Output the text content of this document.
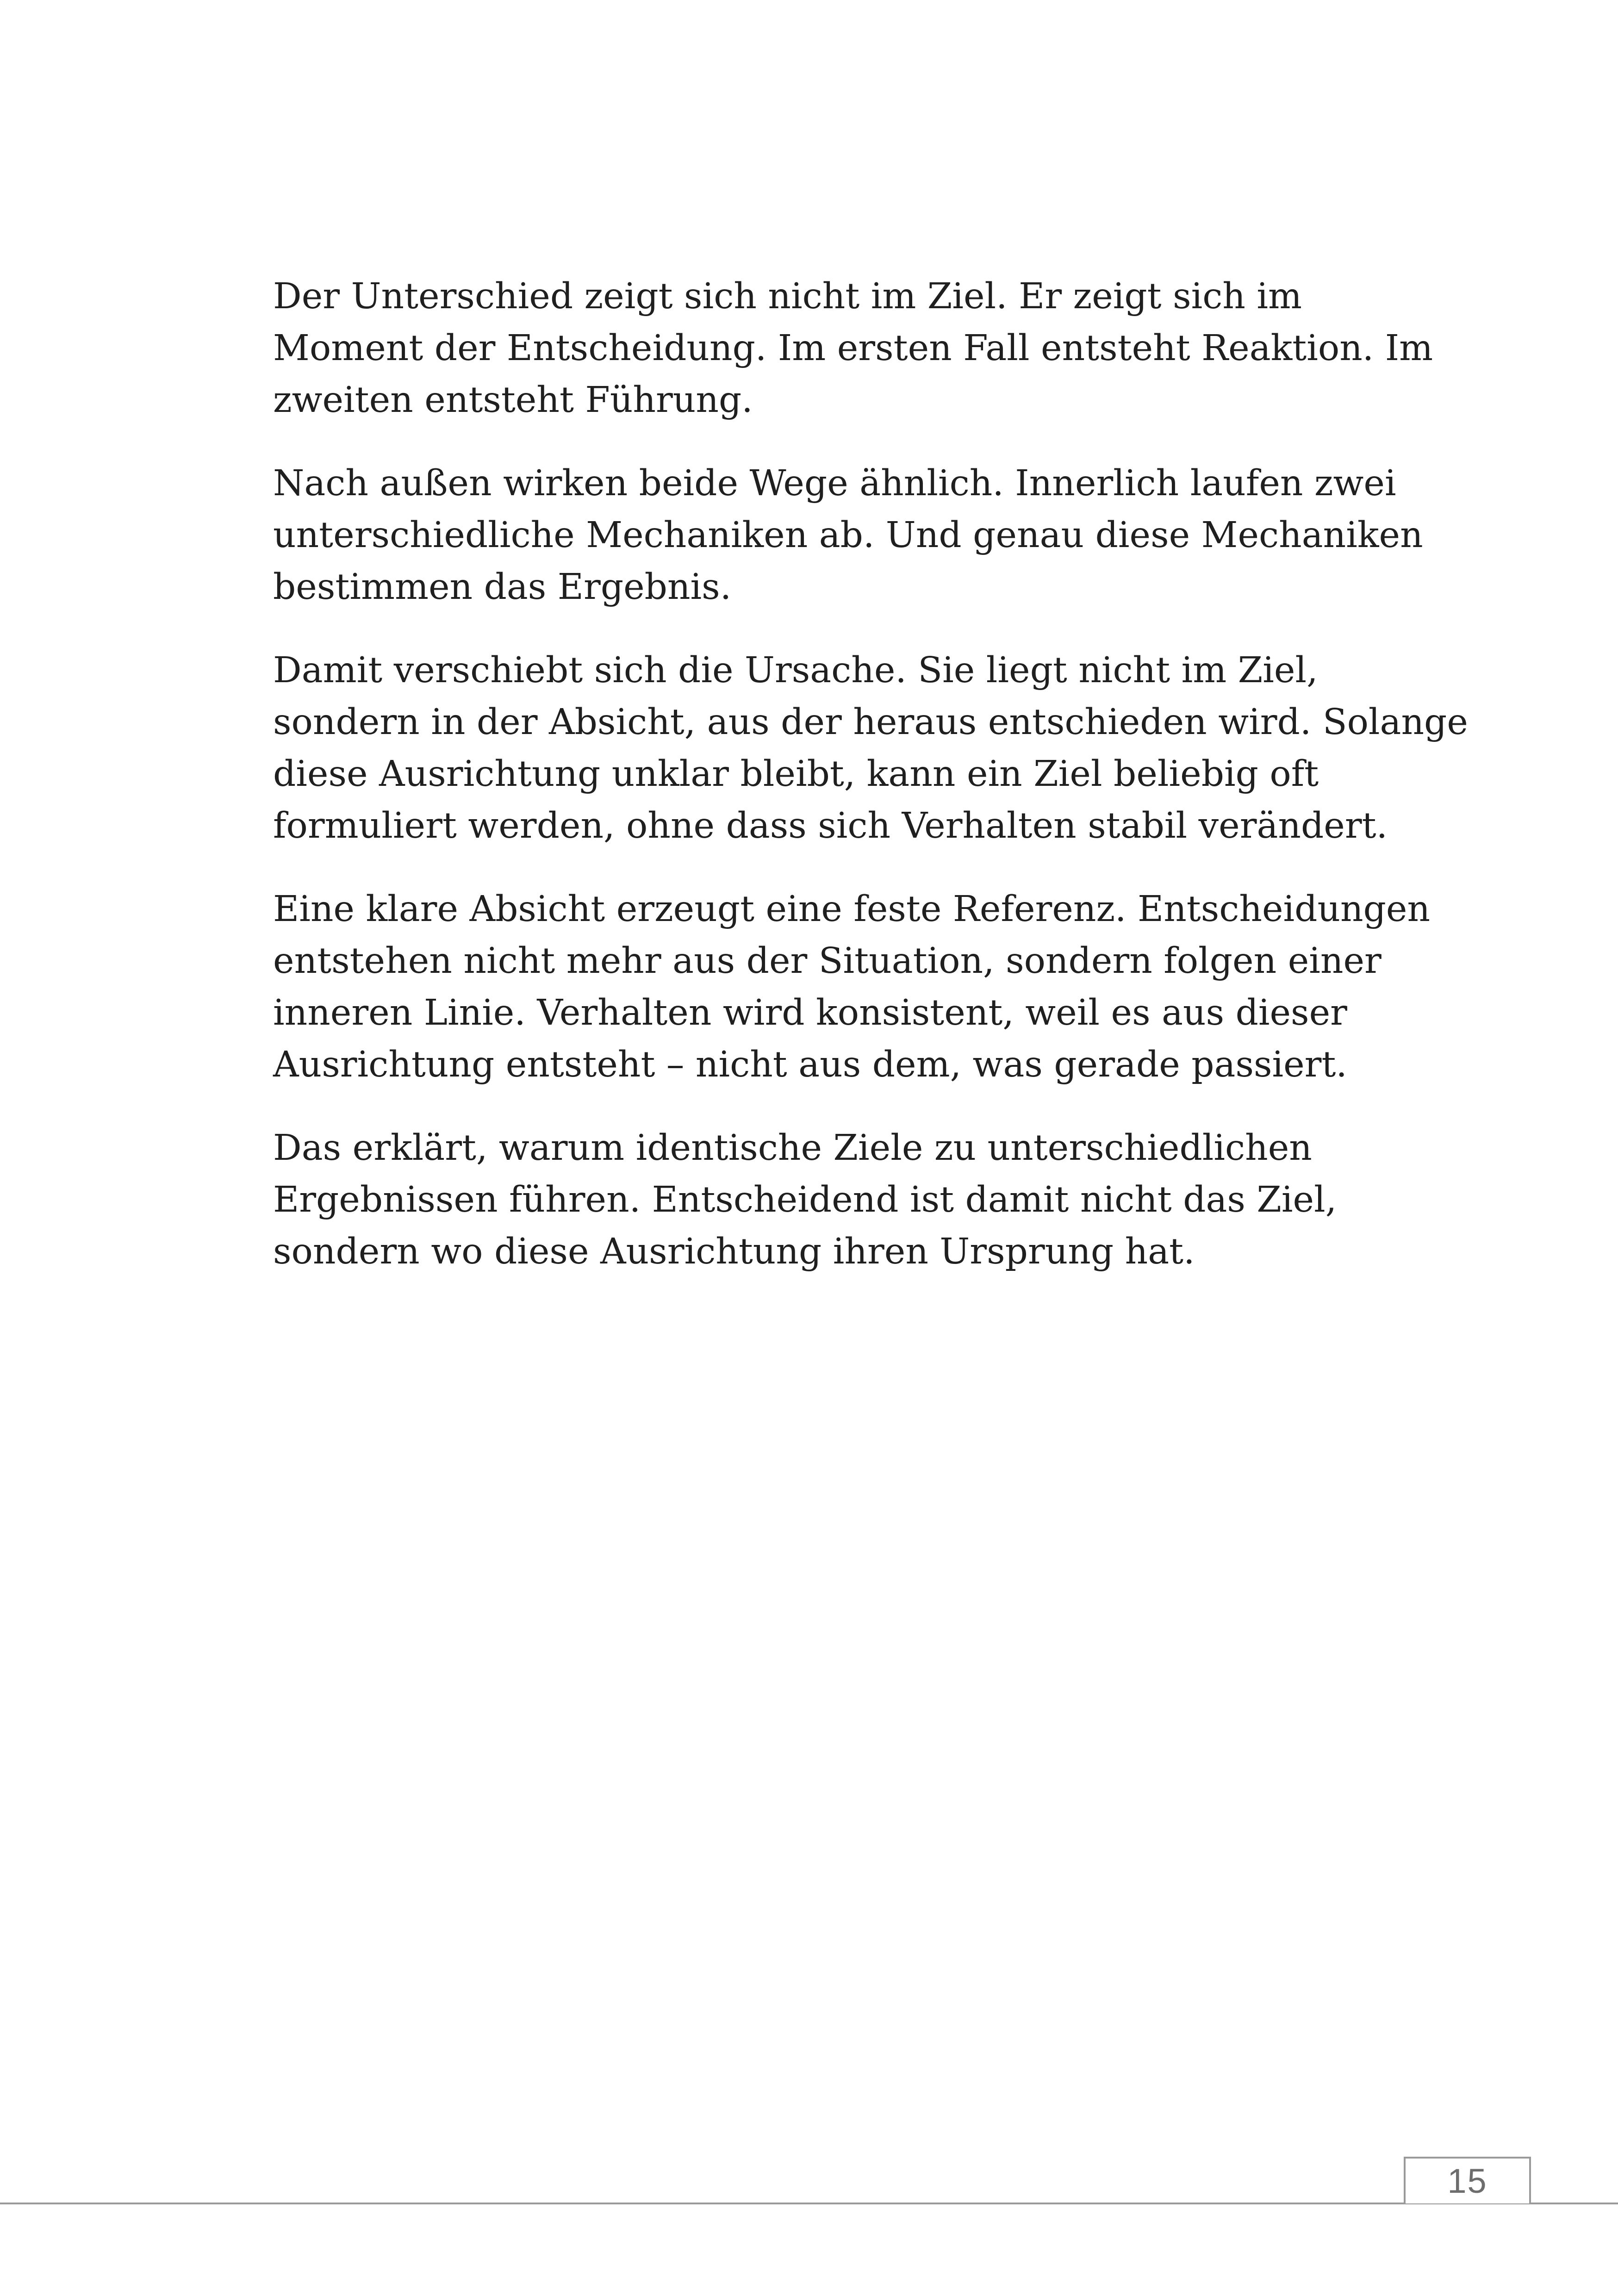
Der Unterschied zeigt sich nicht im Ziel. Er zeigt sich im
Moment der Entscheidung. Im ersten Fall entsteht Reaktion. Im
zweiten entsteht Führung.

Nach außen wirken beide Wege ähnlich. Innerlich laufen zwei
unterschiedliche Mechaniken ab. Und genau diese Mechaniken
bestimmen das Ergebnis.

Damit verschiebt sich die Ursache. Sie liegt nicht im Ziel,
sondern in der Absicht, aus der heraus entschieden wird. Solange
diese Ausrichtung unklar bleibt, kann ein Ziel beliebig oft
formuliert werden, ohne dass sich Verhalten stabil verändert.

Eine klare Absicht erzeugt eine feste Referenz. Entscheidungen
entstehen nicht mehr aus der Situation, sondern folgen einer
inneren Linie. Verhalten wird konsistent, weil es aus dieser
Ausrichtung entsteht – nicht aus dem, was gerade passiert.

Das erklärt, warum identische Ziele zu unterschiedlichen
Ergebnissen führen. Entscheidend ist damit nicht das Ziel,
sondern wo diese Ausrichtung ihren Ursprung hat.

15
